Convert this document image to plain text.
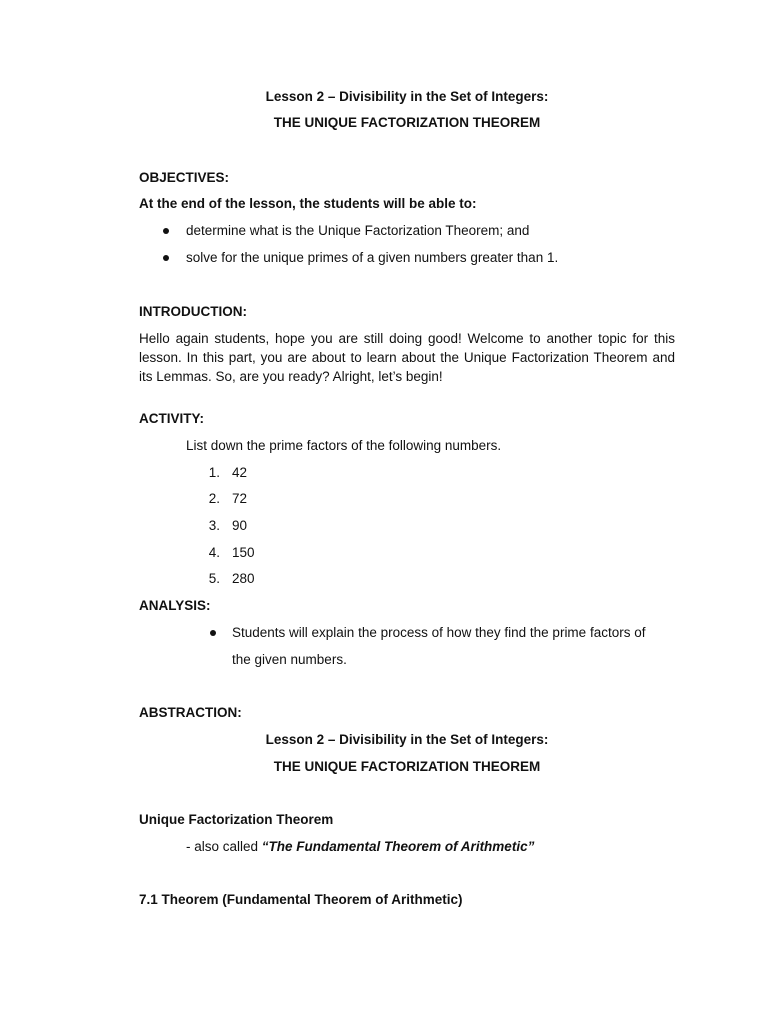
Lesson 2 – Divisibility in the Set of Integers:
THE UNIQUE FACTORIZATION THEOREM
OBJECTIVES:
At the end of the lesson, the students will be able to:
determine what is the Unique Factorization Theorem; and
solve for the unique primes of a given numbers greater than 1.
INTRODUCTION:
Hello again students, hope you are still doing good! Welcome to another topic for this lesson. In this part, you are about to learn about the Unique Factorization Theorem and its Lemmas. So, are you ready? Alright, let’s begin!
ACTIVITY:
List down the prime factors of the following numbers.
1. 42
2. 72
3. 90
4. 150
5. 280
ANALYSIS:
Students will explain the process of how they find the prime factors of
the given numbers.
ABSTRACTION:
Lesson 2 – Divisibility in the Set of Integers:
THE UNIQUE FACTORIZATION THEOREM
Unique Factorization Theorem
- also called “The Fundamental Theorem of Arithmetic”
7.1 Theorem (Fundamental Theorem of Arithmetic)
